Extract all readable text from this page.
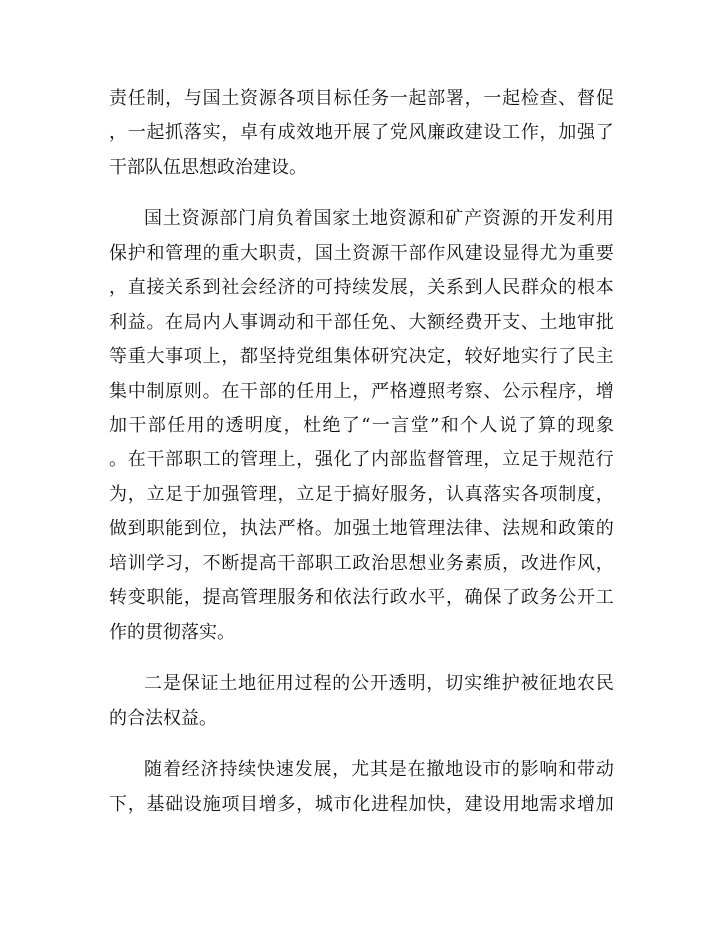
责 任 制 ， 与 国 土 资 源 各 项 目 标 任 务 一 起 部 署 ， 一 起 检 查 、 督 促
， 一 起 抓 落 实 ， 卓 有 成 效 地 开 展 了 党 风 廉 政 建 设 工 作 ， 加 强 了
干部队伍思想政治建设。
国 土 资 源 部 门 肩 负 着 国 家 土 地 资 源 和 矿 产 资 源 的 开 发 利 用
保 护 和 管 理 的 重 大 职 责 ， 国 土 资 源 干 部 作 风 建 设 显 得 尤 为 重 要
， 直 接 关 系 到 社 会 经 济 的 可 持 续 发 展 ， 关 系 到 人 民 群 众 的 根 本
利 益 。 在 局 内 人 事 调 动 和 干 部 任 免 、 大 额 经 费 开 支 、 土 地 审 批
等 重 大 事 项 上 ， 都 坚 持 党 组 集 体 研 究 决 定 ， 较 好 地 实 行 了 民 主
集 中 制 原 则 。 在 干 部 的 任 用 上 ， 严 格 遵 照 考 察 、 公 示 程 序 ， 增
加 干 部 任 用 的 透 明 度 ， 杜 绝 了 “ 一 言 堂 ” 和 个 人 说 了 算 的 现 象
。 在 干 部 职 工 的 管 理 上 ， 强 化 了 内 部 监 督 管 理 ， 立 足 于 规 范 行
为 ， 立 足 于 加 强 管 理 ， 立 足 于 搞 好 服 务 ， 认 真 落 实 各 项 制 度 ，
做 到 职 能 到 位 ， 执 法 严 格 。 加 强 土 地 管 理 法 律 、 法 规 和 政 策 的
培 训 学 习 ， 不 断 提 高 干 部 职 工 政 治 思 想 业 务 素 质 ， 改 进 作 风 ，
转 变 职 能 ， 提 高 管 理 服 务 和 依 法 行 政 水 平 ， 确 保 了 政 务 公 开 工
作的贯彻落实。
二 是 保 证 土 地 征 用 过 程 的 公 开 透 明 ， 切 实 维 护 被 征 地 农 民
的合法权益。
随 着 经 济 持 续 快 速 发 展 ， 尤 其 是 在 撤 地 设 市 的 影 响 和 带 动
下 ， 基 础 设 施 项 目 增 多 ， 城 市 化 进 程 加 快 ， 建 设 用 地 需 求 增 加
